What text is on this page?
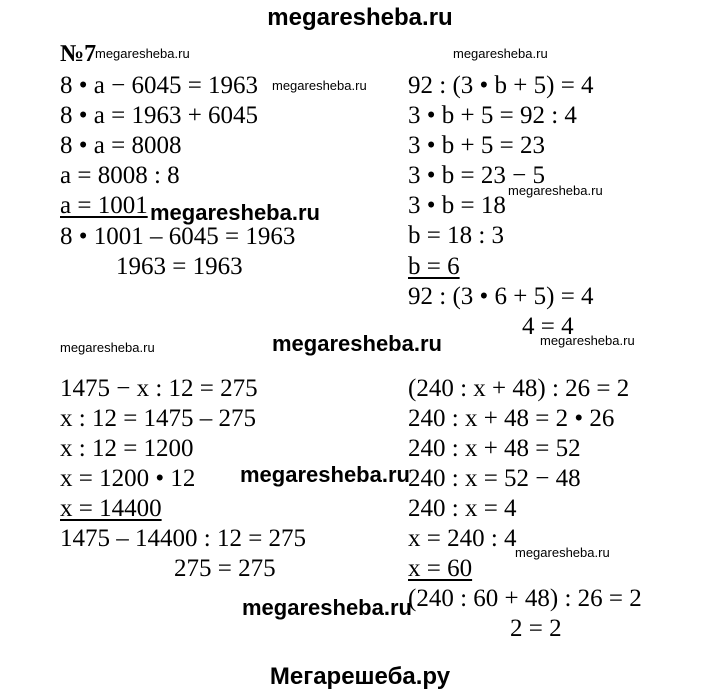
megaresheba.ru
№7
8 • a − 6045 = 1963
8 • a = 1963 + 6045
8 • a = 8008
a = 8008 : 8
a = 1001
8 • 1001 – 6045 = 1963
1963 = 1963
92 : (3 • b + 5) = 4
3 • b + 5 = 92 : 4
3 • b + 5 = 23
3 • b = 23 − 5
3 • b = 18
b = 18 : 3
b = 6
92 : (3 • 6 + 5) = 4
4 = 4
1475 − x : 12 = 275
x : 12 = 1475 – 275
x : 12 = 1200
x = 1200 • 12
x = 14400
1475 – 14400 : 12 = 275
275 = 275
(240 : x + 48) : 26 = 2
240 : x + 48 = 2 • 26
240 : x + 48 = 52
240 : x = 52 − 48
240 : x = 4
x = 240 : 4
x = 60
(240 : 60 + 48) : 26 = 2
2 = 2
megaresheba.ru	megaresheba.ru
megaresheba.ru
megaresheba.ru
megaresheba.ru
megaresheba.ru	megaresheba.ru	megaresheba.ru
megaresheba.ru
megaresheba.ru
megaresheba.ru
Мегарешеба.ру
